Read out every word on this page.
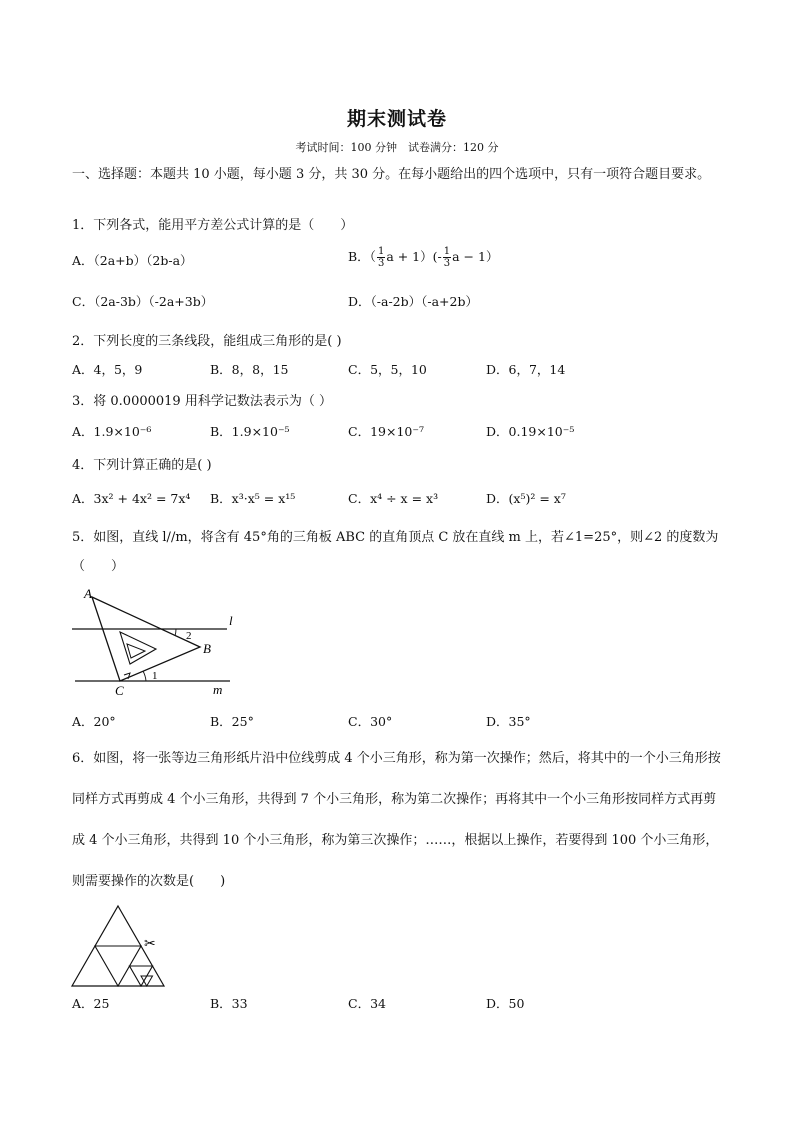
期末测试卷
考试时间：100 分钟　试卷满分：120 分
一、选择题：本题共 10 小题，每小题 3 分，共 30 分。在每小题给出的四个选项中，只有一项符合题目要求。
1．下列各式，能用平方差公式计算的是（　　）
A．（2a+b）（2b-a）	B．（ $\frac{1}{3}$ $a + 1)(- \frac{1}{3}$ a − 1）
C．（2a-3b）（-2a+3b）	D．（-a-2b）（-a+2b）
2．下列长度的三条线段，能组成三角形的是( )
A．4，5，9	B．8，8，15	C．5，5，10	D．6，7，14
3．将 0.0000019 用科学记数法表示为（ ）
A．1.9×10⁻⁶	B．1.9×10⁻⁵	C．19×10⁻⁷	D．0.19×10⁻⁵
4．下列计算正确的是( )
A．3x² + 4x² = 7x⁴ B．x³·x⁵ = x¹⁵	C．x⁴ ÷ x = x³	D．(x⁵)² = x⁷
5．如图，直线 l//m，将含有 45°角的三角板 ABC 的直角顶点 C 放在直线 m 上，若∠1=25°，则∠2 的度数为
（　　）
A
B
C
l
m
1
2
A．20°	B．25°	C．30°	D．35°
6．如图，将一张等边三角形纸片沿中位线剪成 4 个小三角形，称为第一次操作；然后，将其中的一个小三角形按同样方式再剪成 4 个小三角形，共得到 7 个小三角形，称为第二次操作；再将其中一个小三角形按同样方式再剪成 4 个小三角形，共得到 10 个小三角形，称为第三次操作；……，根据以上操作，若要得到 100 个小三角形，则需要操作的次数是(　　)
✂
A．25	B．33	C．34	D．50
